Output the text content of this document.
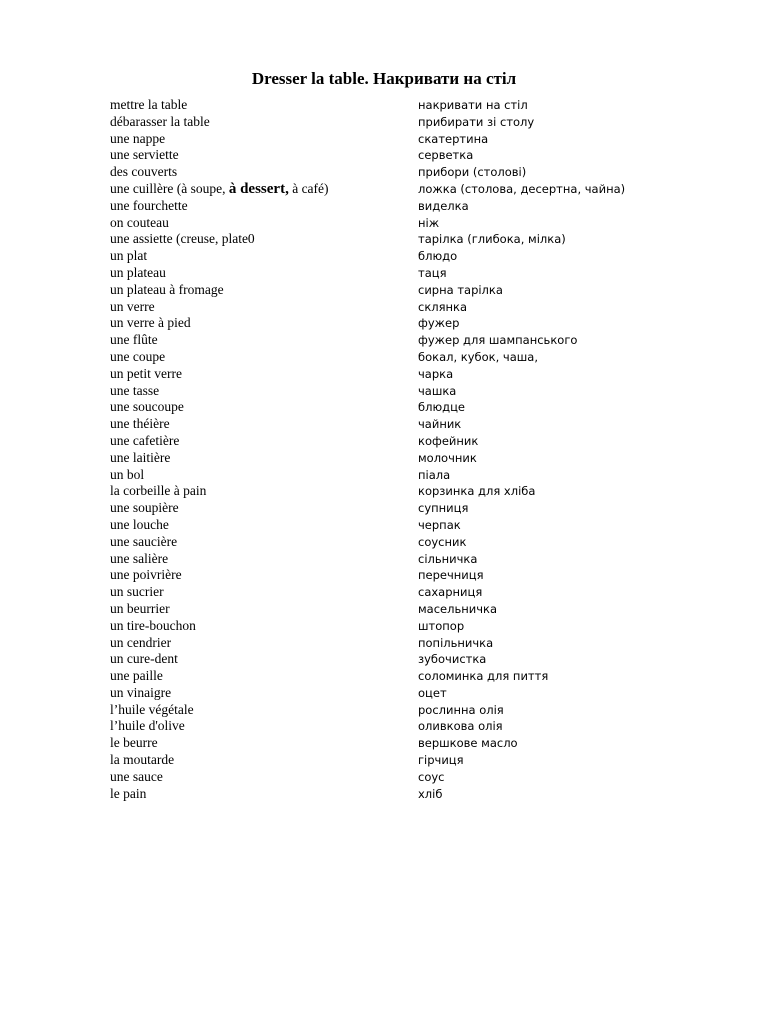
Dresser la table. Накривати на стіл
mettre la table	накривати на стіл
débarasser la table	прибирати зі столу
une nappe	скатертина
une serviette	серветка
des couverts	прибори (столові)
une cuillère (à soupe, à dessert, à café)	ложка (столова, десертна, чайна)
une fourchette	виделка
on couteau	ніж
une assiette (creuse, plate0	тарілка (глибока, мілка)
un plat	блюдо
un plateau	таця
un plateau à fromage	сирна тарілка
un verre	склянка
un verre à pied	фужер
une flûte	фужер для шампанського
une coupe	бокал, кубок, чаша,
un petit verre	чарка
une tasse	чашка
une soucoupe	блюдце
une théière	чайник
une cafetière	кофейник
une laitière	молочник
un bol	піала
la corbeille à pain	корзинка для хліба
une soupière	супниця
une louche	черпак
une saucière	соусник
une salière	сільничка
une poivrière	перечниця
un sucrier	сахарниця
un beurrier	масельничка
un tire-bouchon	штопор
un cendrier	попільничка
un cure-dent	зубочистка
une paille	соломинка для пиття
un vinaigre	оцет
l’huile végétale	рослинна олія
l’huile d'olive	оливкова олія
le beurre	вершкове масло
la moutarde	гірчиця
une sauce	соус
le pain	хліб
